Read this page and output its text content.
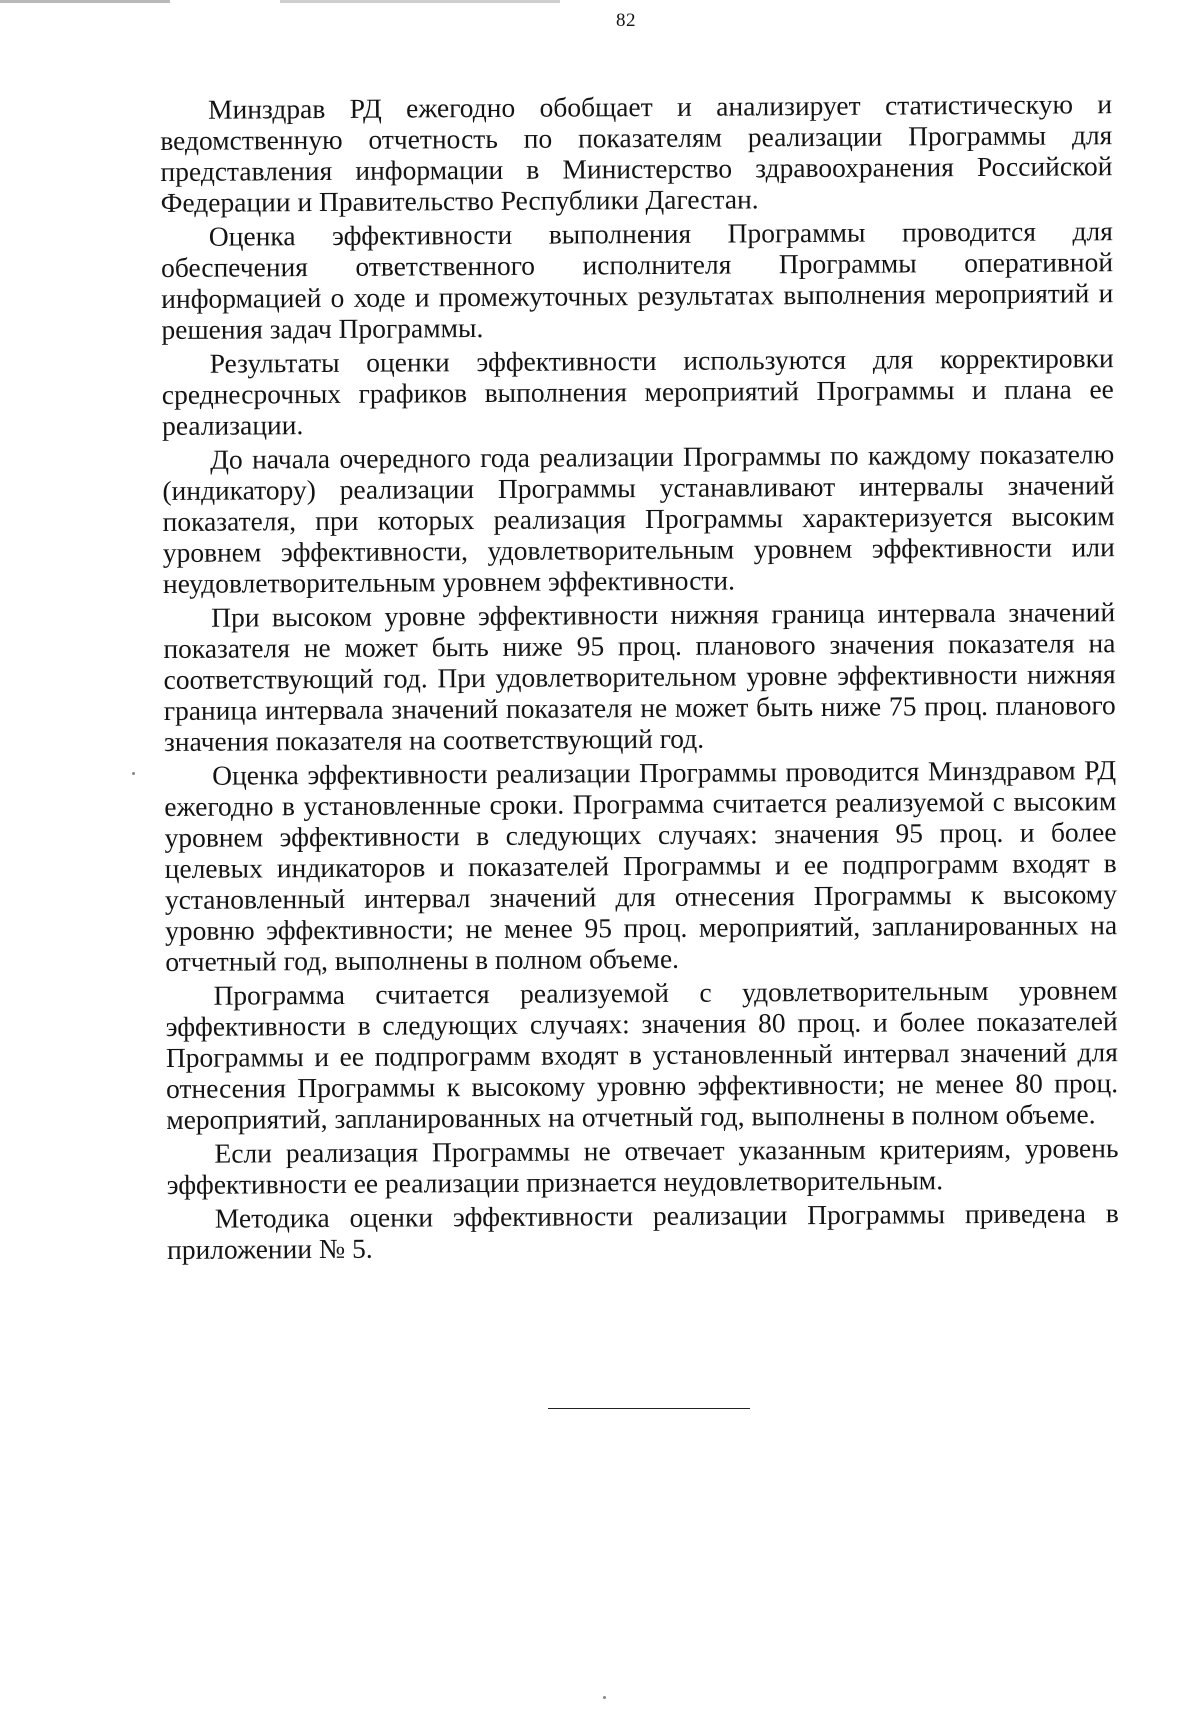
82

Минздрав РД ежегодно обобщает и анализирует статистическую и ведомственную отчетность по показателям реализации Программы для представления информации в Министерство здравоохранения Российской Федерации и Правительство Республики Дагестан.

Оценка эффективности выполнения Программы проводится для обеспечения ответственного исполнителя Программы оперативной информацией о ходе и промежуточных результатах выполнения мероприятий и решения задач Программы.

Результаты оценки эффективности используются для корректировки среднесрочных графиков выполнения мероприятий Программы и плана ее реализации.

До начала очередного года реализации Программы по каждому показателю (индикатору) реализации Программы устанавливают интервалы значений показателя, при которых реализация Программы характеризуется высоким уровнем эффективности, удовлетворительным уровнем эффективности или неудовлетворительным уровнем эффективности.

При высоком уровне эффективности нижняя граница интервала значений показателя не может быть ниже 95 проц. планового значения показателя на соответствующий год. При удовлетворительном уровне эффективности нижняя граница интервала значений показателя не может быть ниже 75 проц. планового значения показателя на соответствующий год.

Оценка эффективности реализации Программы проводится Минздравом РД ежегодно в установленные сроки. Программа считается реализуемой с высоким уровнем эффективности в следующих случаях: значения 95 проц. и более целевых индикаторов и показателей Программы и ее подпрограмм входят в установленный интервал значений для отнесения Программы к высокому уровню эффективности; не менее 95 проц. мероприятий, запланированных на отчетный год, выполнены в полном объеме.

Программа считается реализуемой с удовлетворительным уровнем эффективности в следующих случаях: значения 80 проц. и более показателей Программы и ее подпрограмм входят в установленный интервал значений для отнесения Программы к высокому уровню эффективности; не менее 80 проц. мероприятий, запланированных на отчетный год, выполнены в полном объеме.

Если реализация Программы не отвечает указанным критериям, уровень эффективности ее реализации признается неудовлетворительным.

Методика оценки эффективности реализации Программы приведена в приложении № 5.
